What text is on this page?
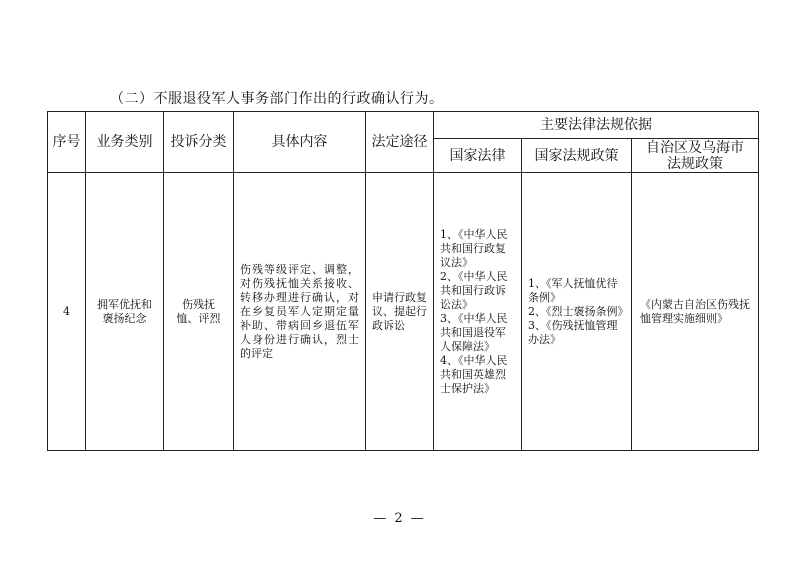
（二）不服退役军人事务部门作出的行政确认行为。
序号	业务类别	投诉分类	具体内容	法定途径	主要法律法规依据		
					国家法律	国家法规政策	自治区及乌海市法规政策

4	拥军优抚和褒扬纪念	伤残抚恤、评烈	伤残等级评定、调整，对伤残抚恤关系接收、转移办理进行确认，对在乡复员军人定期定量补助、带病回乡退伍军人身份进行确认，烈士的评定	申请行政复议、提起行政诉讼	1、《中华人民共和国行政复议法》
2、《中华人民共和国行政诉讼法》
3、《中华人民共和国退役军人保障法》
4、《中华人民共和国英雄烈士保护法》	1、《军人抚恤优待条例》
2、《烈士褒扬条例》
3、《伤残抚恤管理办法》	《内蒙古自治区伤残抚恤管理实施细则》
— 2 —
